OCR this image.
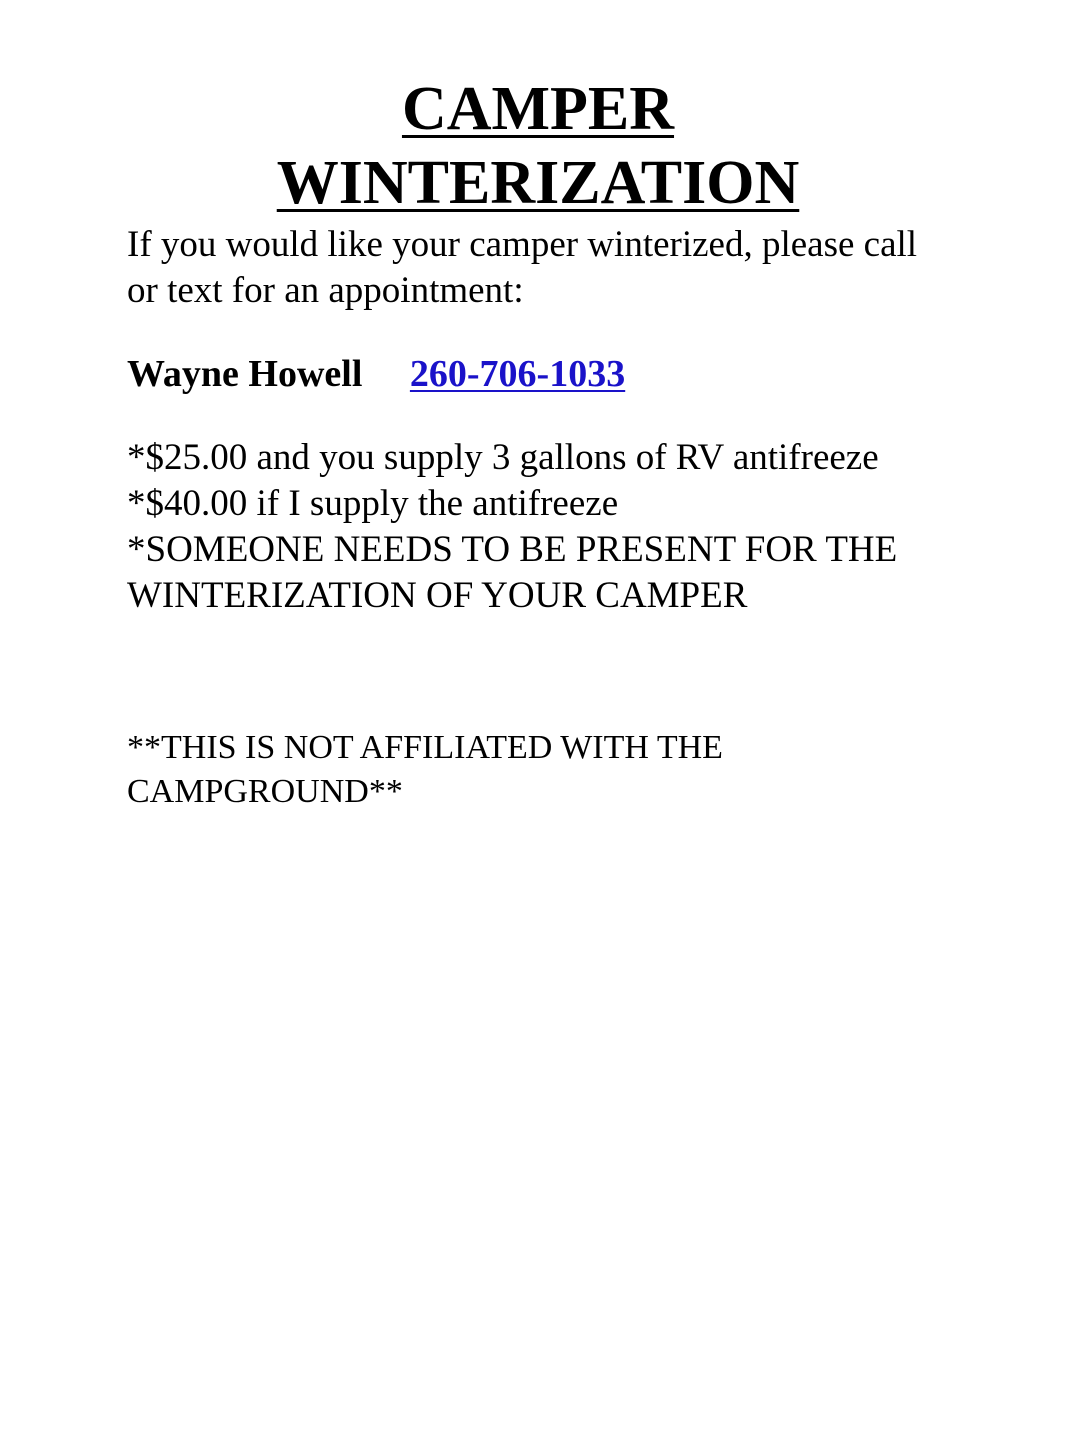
CAMPER
WINTERIZATION

If you would like your camper winterized, please call or text for an appointment:

Wayne Howell 260-706-1033

*$25.00 and you supply 3 gallons of RV antifreeze
*$40.00 if I supply the antifreeze
*SOMEONE NEEDS TO BE PRESENT FOR THE WINTERIZATION OF YOUR CAMPER

**THIS IS NOT AFFILIATED WITH THE CAMPGROUND**
